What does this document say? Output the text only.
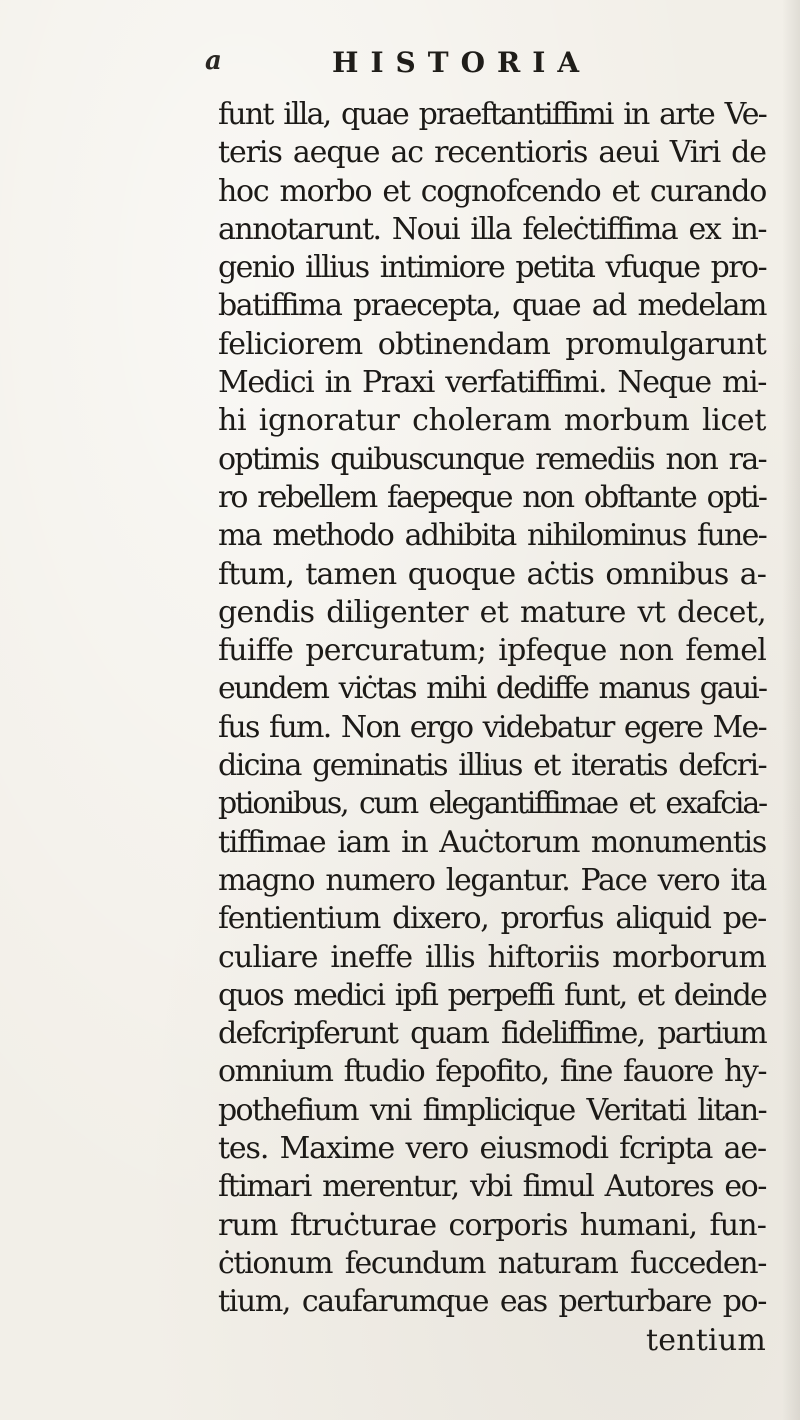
a	HISTORIA
funt illa, quae praeftantiffimi in arte Ve-
teris aeque ac recentioris aeui Viri de
hoc morbo et cognofcendo et curando
annotarunt. Noui illa feleċtiffima ex in-
genio illius intimiore petita vfuque pro-
batiffima praecepta, quae ad medelam
feliciorem obtinendam promulgarunt
Medici in Praxi verfatiffimi. Neque mi-
hi ignoratur choleram morbum licet
optimis quibuscunque remediis non ra-
ro rebellem faepeque non obftante opti-
ma methodo adhibita nihilominus fune-
ftum, tamen quoque aċtis omnibus a-
gendis diligenter et mature vt decet,
fuiffe percuratum; ipfeque non femel
eundem viċtas mihi dediffe manus gaui-
fus fum. Non ergo videbatur egere Me-
dicina geminatis illius et iteratis defcri-
ptionibus, cum elegantiffimae et exafcia-
tiffimae iam in Auċtorum monumentis
magno numero legantur. Pace vero ita
fentientium dixero, prorfus aliquid pe-
culiare ineffe illis hiftoriis morborum
quos medici ipfi perpeffi funt, et deinde
defcripferunt quam fideliffime, partium
omnium ftudio fepofito, fine fauore hy-
pothefium vni fimplicique Veritati litan-
tes. Maxime vero eiusmodi fcripta ae-
ftimari merentur, vbi fimul Autores eo-
rum ftruċturae corporis humani, fun-
ċtionum fecundum naturam fucceden-
tium, caufarumque eas perturbare po-
tentium
